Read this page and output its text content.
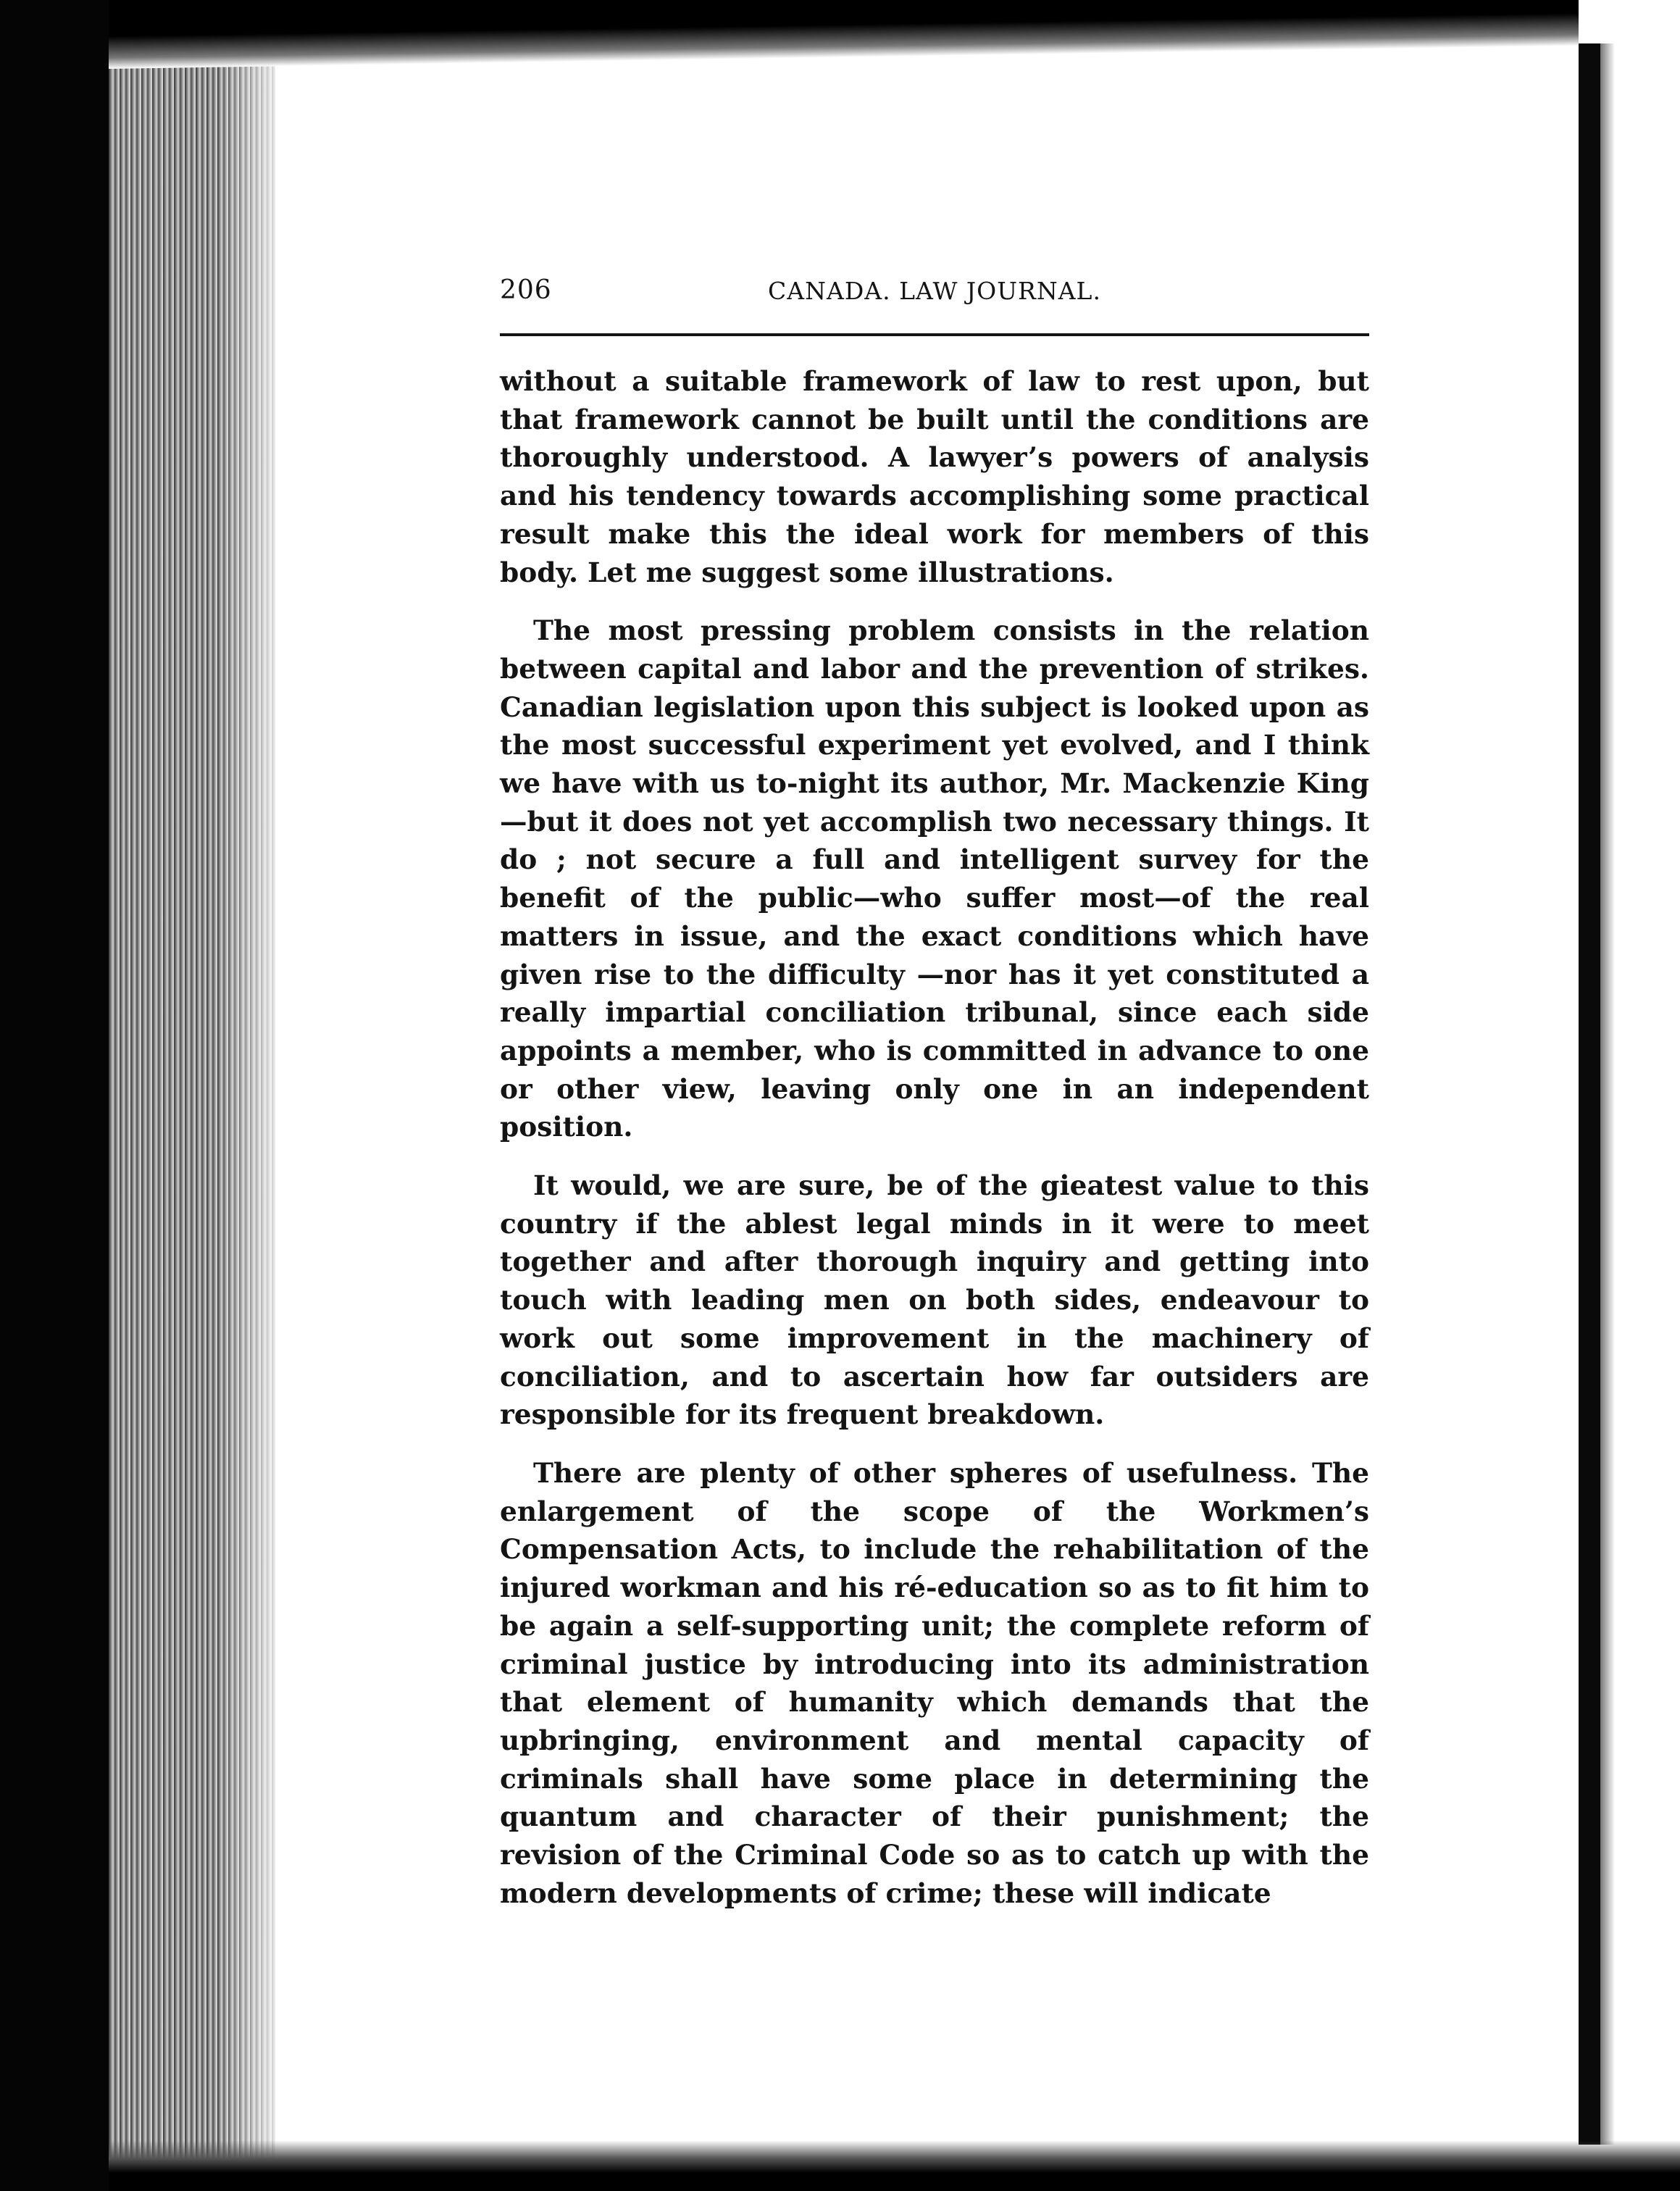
206	CANADA. LAW JOURNAL.

without a suitable framework of law to rest upon, but that framework cannot be built until the conditions are thoroughly understood. A lawyer’s powers of analysis and his tendency towards accomplishing some practical result make this the ideal work for members of this body. Let me suggest some illustrations.

The most pressing problem consists in the relation between capital and labor and the prevention of strikes. Canadian legislation upon this subject is looked upon as the most successful experiment yet evolved, and I think we have with us to-night its author, Mr. Mackenzie King—but it does not yet accomplish two necessary things. It do ; not secure a full and intelligent survey for the benefit of the public—who suffer most—of the real matters in issue, and the exact conditions which have given rise to the difficulty —nor has it yet constituted a really impartial conciliation tribunal, since each side appoints a member, who is committed in advance to one or other view, leaving only one in an independent position.

It would, we are sure, be of the gieatest value to this country if the ablest legal minds in it were to meet together and after thorough inquiry and getting into touch with leading men on both sides, endeavour to work out some improvement in the machinery of conciliation, and to ascertain how far outsiders are responsible for its frequent breakdown.

There are plenty of other spheres of usefulness. The enlargement of the scope of the Workmen’s Compensation Acts, to include the rehabilitation of the injured workman and his ré-education so as to fit him to be again a self-supporting unit; the complete reform of criminal justice by introducing into its administration that element of humanity which demands that the upbringing, environment and mental capacity of criminals shall have some place in determining the quantum and character of their punishment; the revision of the Criminal Code so as to catch up with the modern developments of crime; these will indicate
